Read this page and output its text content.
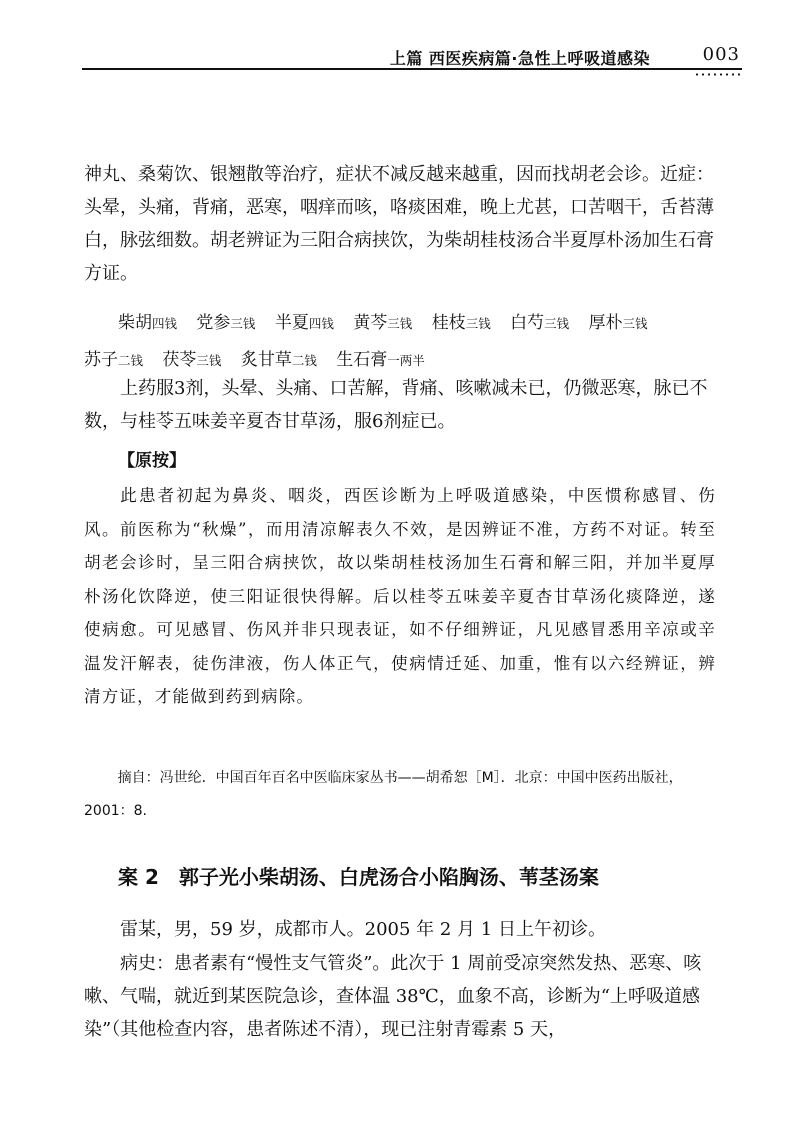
上篇 西医疾病篇·急性上呼吸道感染	003

神丸、桑菊饮、银翘散等治疗，症状不减反越来越重，因而找胡老会诊。近症：头晕，头痛，背痛，恶寒，咽痒而咳，咯痰困难，晚上尤甚，口苦咽干，舌苔薄白，脉弦细数。胡老辨证为三阳合病挟饮，为柴胡桂枝汤合半夏厚朴汤加生石膏方证。

柴胡四钱 党参三钱 半夏四钱 黄芩三钱 桂枝三钱 白芍三钱 厚朴三钱 苏子二钱 茯苓三钱 炙甘草二钱 生石膏一两半

上药服3剂，头晕、头痛、口苦解，背痛、咳嗽减未已，仍微恶寒，脉已不数，与桂苓五味姜辛夏杏甘草汤，服6剂症已。

【原按】

此患者初起为鼻炎、咽炎，西医诊断为上呼吸道感染，中医惯称感冒、伤风。前医称为“秋燥”，而用清凉解表久不效，是因辨证不准，方药不对证。转至胡老会诊时，呈三阳合病挟饮，故以柴胡桂枝汤加生石膏和解三阳，并加半夏厚朴汤化饮降逆，使三阳证很快得解。后以桂苓五味姜辛夏杏甘草汤化痰降逆，遂使病愈。可见感冒、伤风并非只现表证，如不仔细辨证，凡见感冒悉用辛凉或辛温发汗解表，徒伤津液，伤人体正气，使病情迁延、加重，惟有以六经辨证，辨清方证，才能做到药到病除。

摘自：冯世纶．中国百年百名中医临床家丛书——胡希恕［M］．北京：中国中医药出版社，2001：8.

案 2 郭子光小柴胡汤、白虎汤合小陷胸汤、苇茎汤案

雷某，男，59 岁，成都市人。2005 年 2 月 1 日上午初诊。

病史：患者素有“慢性支气管炎”。此次于 1 周前受凉突然发热、恶寒、咳嗽、气喘，就近到某医院急诊，查体温 38℃，血象不高，诊断为“上呼吸道感染”（其他检查内容，患者陈述不清），现已注射青霉素 5 天，
